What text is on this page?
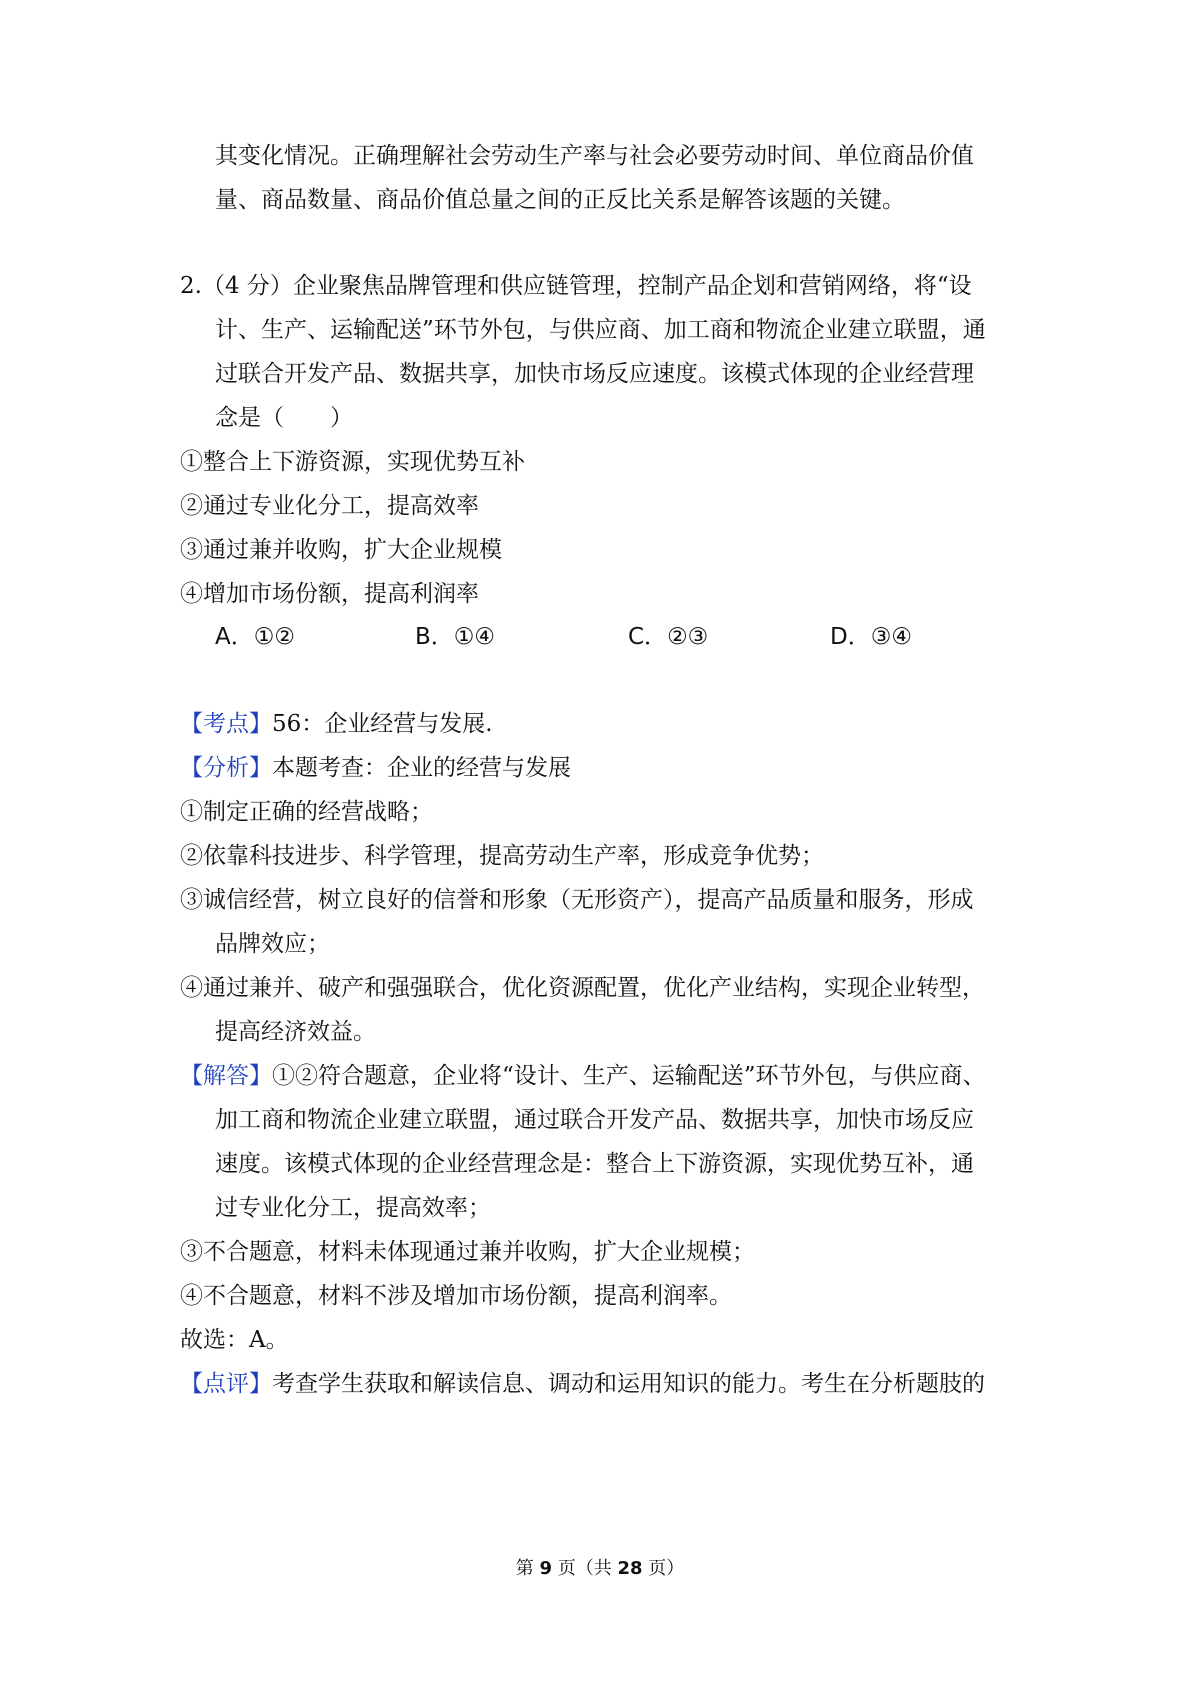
其变化情况。正确理解社会劳动生产率与社会必要劳动时间、单位商品价值
量、商品数量、商品价值总量之间的正反比关系是解答该题的关键。
2.（4 分）企业聚焦品牌管理和供应链管理，控制产品企划和营销网络，将“设
计、生产、运输配送”环节外包，与供应商、加工商和物流企业建立联盟，通
过联合开发产品、数据共享，加快市场反应速度。该模式体现的企业经营理
念是（　　）
①整合上下游资源，实现优势互补
②通过专业化分工，提高效率
③通过兼并收购，扩大企业规模
④增加市场份额，提高利润率
A．①②	B．①④	C．②③	D．③④
【考点】56：企业经营与发展.
【分析】本题考查：企业的经营与发展
①制定正确的经营战略；
②依靠科技进步、科学管理，提高劳动生产率，形成竞争优势；
③诚信经营，树立良好的信誉和形象（无形资产），提高产品质量和服务，形成
品牌效应；
④通过兼并、破产和强强联合，优化资源配置，优化产业结构，实现企业转型，
提高经济效益。
【解答】①②符合题意，企业将“设计、生产、运输配送”环节外包，与供应商、
加工商和物流企业建立联盟，通过联合开发产品、数据共享，加快市场反应
速度。该模式体现的企业经营理念是：整合上下游资源，实现优势互补，通
过专业化分工，提高效率；
③不合题意，材料未体现通过兼并收购，扩大企业规模；
④不合题意，材料不涉及增加市场份额，提高利润率。
故选：A。
【点评】考查学生获取和解读信息、调动和运用知识的能力。考生在分析题肢的
第 9 页（共 28 页）
